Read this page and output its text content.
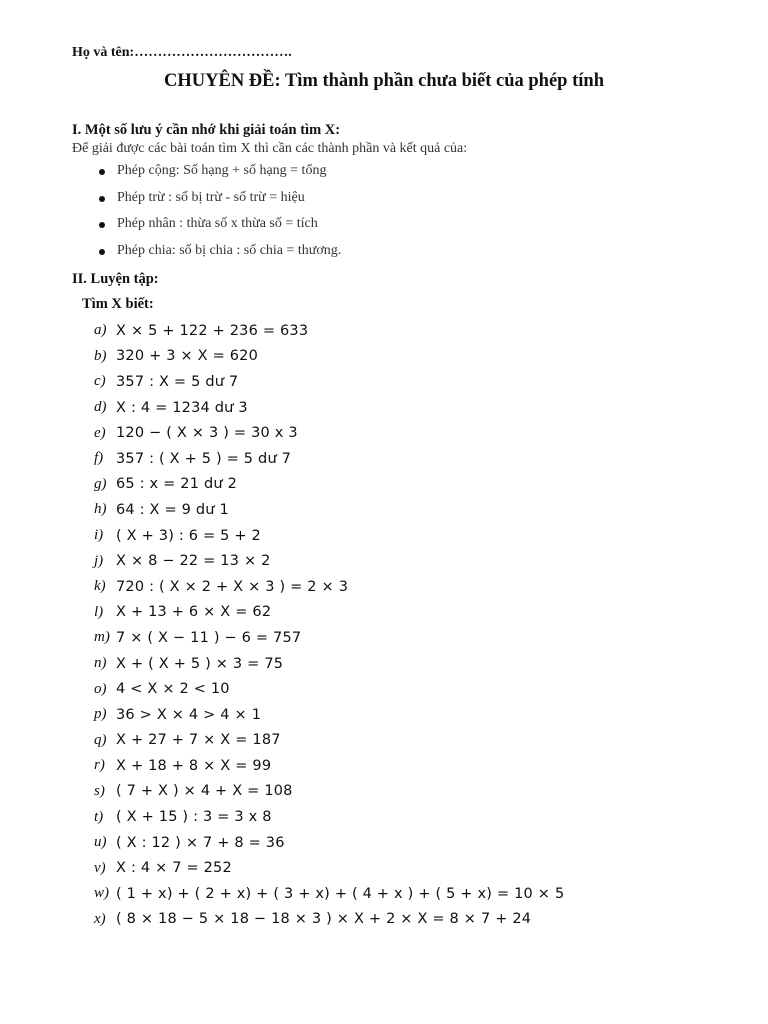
Họ và tên:…………………………….
CHUYÊN ĐỀ: Tìm thành phần chưa biết của phép tính
I. Một số lưu ý cần nhớ khi giải toán tìm X:
Để giải được các bài toán tìm X thì cần các thành phần và kết quả của:
Phép cộng: Số hạng + số hạng = tổng
Phép trừ : số bị trừ - số trừ = hiệu
Phép nhân : thừa số x thừa số = tích
Phép chia: số bị chia : số chia = thương.
II. Luyện tập:
Tìm X biết:
a) X × 5 + 122 + 236 = 633
b) 320 + 3 × X = 620
c) 357 : X = 5 dư 7
d) X : 4 = 1234 dư 3
e) 120 − ( X × 3 ) = 30 x 3
f) 357 : ( X + 5 ) = 5 dư 7
g) 65 : x = 21 dư 2
h) 64 : X = 9 dư 1
i) ( X + 3) : 6 = 5 + 2
j) X × 8 − 22 = 13 × 2
k) 720 : ( X × 2 + X × 3 ) = 2 × 3
l) X + 13 + 6 × X = 62
m) 7 × ( X − 11 ) − 6 = 757
n) X + ( X + 5 ) × 3 = 75
o) 4 < X × 2 < 10
p) 36 > X × 4 > 4 × 1
q) X + 27 + 7 × X = 187
r) X + 18 + 8 × X = 99
s) ( 7 + X ) × 4 + X = 108
t) ( X + 15 ) : 3 = 3 x 8
u) ( X : 12 ) × 7 + 8 = 36
v) X : 4 × 7 = 252
w) ( 1 + x) + ( 2 + x) + ( 3 + x) + ( 4 + x ) + ( 5 + x) = 10 × 5
x) ( 8 × 18 − 5 × 18 − 18 × 3 ) × X + 2 × X = 8 × 7 + 24
